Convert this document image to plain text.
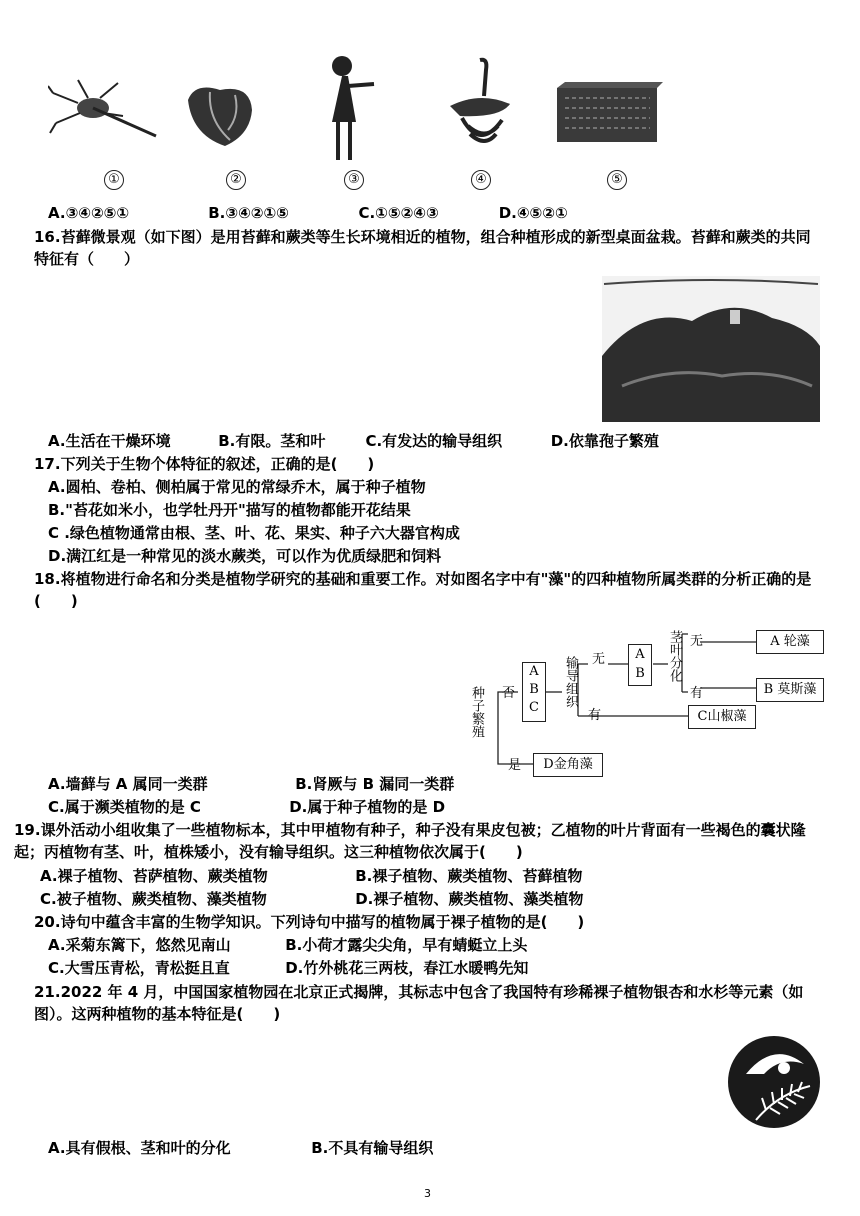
①	②	③	④	⑤
A.③④②⑤①	B.③④②①⑤	C.①⑤②④③	D.④⑤②①
16.苔藓微景观（如下图）是用苔藓和蕨类等生长环境相近的植物，组合种植形成的新型桌面盆栽。苔藓和蕨类的共同特征有（　　）
A.生活在干燥环境	B.有限。茎和叶	C.有发达的输导组织	D.依靠孢子繁殖
17.下列关于生物个体特征的叙述，正确的是(　　)
A.圆柏、卷柏、侧柏属于常见的常绿乔木，属于种子植物
B."苔花如米小，也学牡丹开"描写的植物都能开花结果
C .绿色植物通常由根、茎、叶、花、果实、种子六大器官构成
D.满江红是一种常见的淡水蕨类，可以作为优质绿肥和饲料
18.将植物进行命名和分类是植物学研究的基础和重要工作。对如图名字中有"藻"的四种植物所属类群的分析正确的是(　　)
种子繁殖 否
是
A
B
C	输导组织 无
有
A
B	茎叶分化 无
有
A 轮藻
B 莫斯藻
C山椒藻
D金角藻
A.墙藓与 A 属同一类群	B.肾厥与 B 漏同一类群
C.属于濒类植物的是 C	D.属于种子植物的是 D
19.课外活动小组收集了一些植物标本，其中甲植物有种子，种子没有果皮包被；乙植物的叶片背面有一些褐色的囊状隆起；丙植物有茎、叶，植株矮小，没有输导组织。这三种植物依次属于(　　)
A.裸子植物、苔萨植物、蕨类植物	B.裸子植物、蕨类植物、苔藓植物
C.被子植物、蕨类植物、藻类植物	D.裸子植物、蕨类植物、藻类植物
20.诗句中蕴含丰富的生物学知识。下列诗句中描写的植物属于裸子植物的是(　　)
A.采菊东篱下，悠然见南山	B.小荷才露尖尖角，早有蜻蜓立上头
C.大雪压青松，青松挺且直	D.竹外桃花三两枝，春江水暖鸭先知
21.2022 年 4 月，中国国家植物园在北京正式揭牌，其标志中包含了我国特有珍稀裸子植物银杏和水杉等元素（如图）。这两种植物的基本特征是(　　)
A.具有假根、茎和叶的分化	B.不具有输导组织
3
